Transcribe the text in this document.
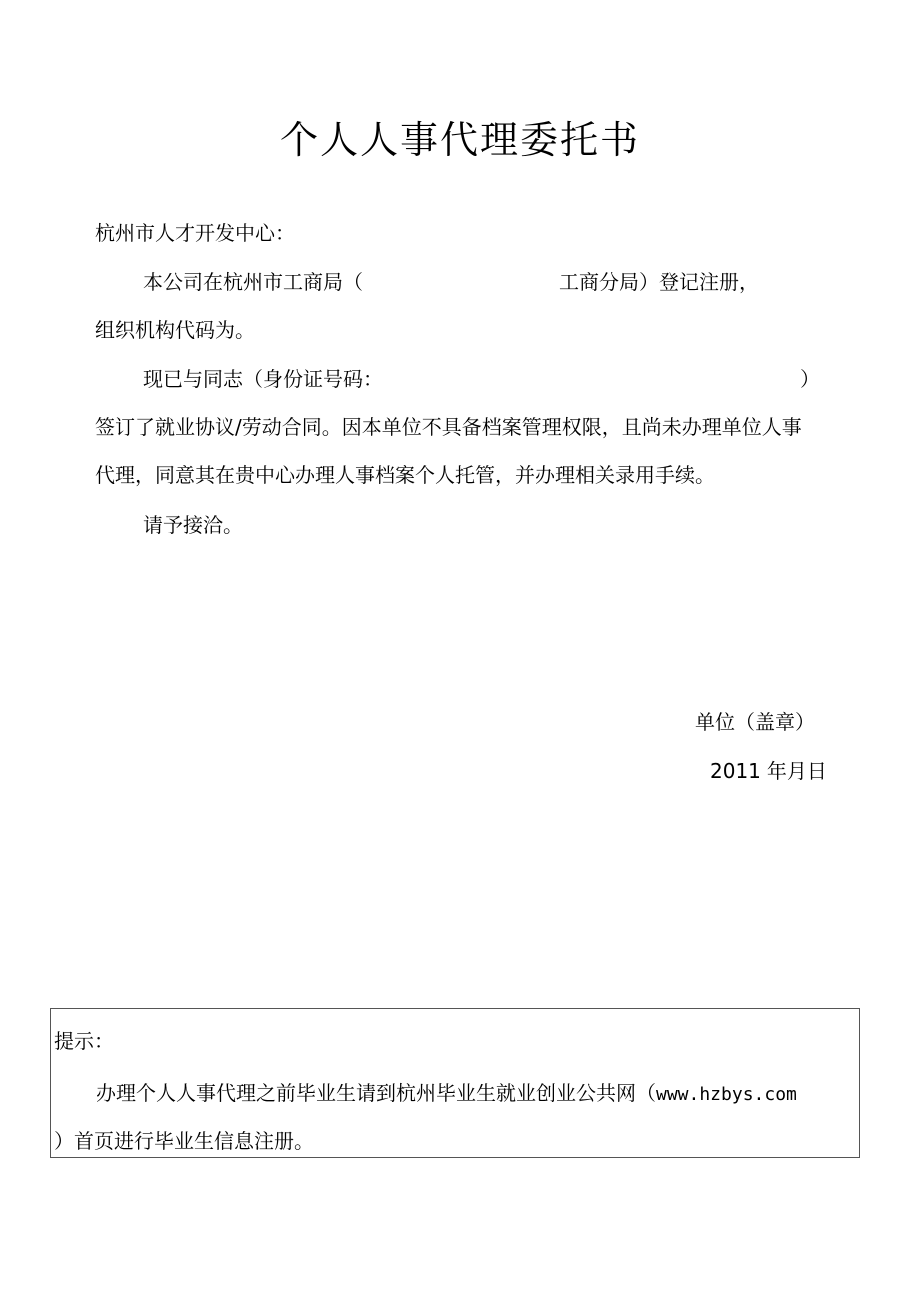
个人人事代理委托书
杭州市人才开发中心：
本公司在杭州市工商局（	工商分局）登记注册，
组织机构代码为。
现已与同志（身份证号码：	）
签订了就业协议/劳动合同。因本单位不具备档案管理权限，且尚未办理单位人事
代理，同意其在贵中心办理人事档案个人托管，并办理相关录用手续。
请予接洽。
单位（盖章）
2011 年月日
提示：
办理个人人事代理之前毕业生请到杭州毕业生就业创业公共网（www.hzbys.com
）首页进行毕业生信息注册。
